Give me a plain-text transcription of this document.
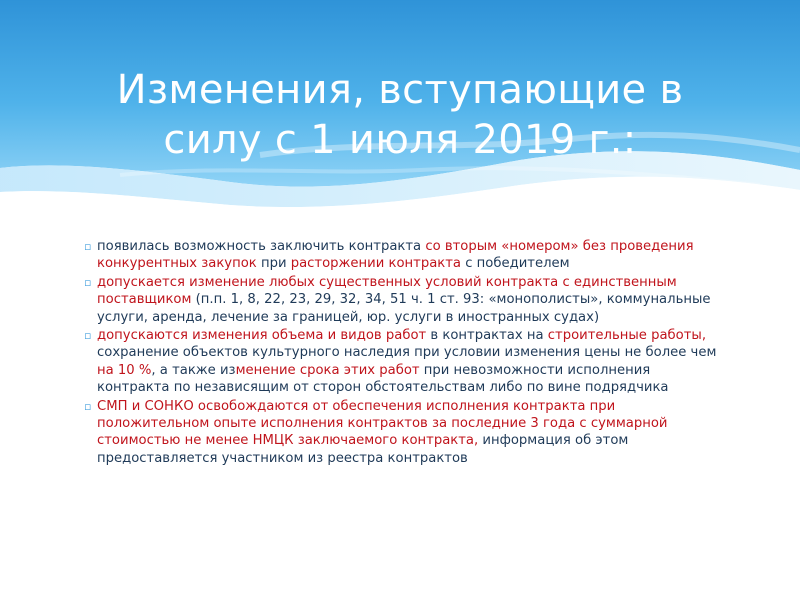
Изменения, вступающие в
силу с 1 июля 2019 г.:
▫ появилась возможность заключить контракта со вторым «номером» без проведения конкурентных закупок при расторжении контракта с победителем
▫ допускается изменение любых существенных условий контракта с единственным поставщиком (п.п. 1, 8, 22, 23, 29, 32, 34, 51 ч. 1 ст. 93: «монополисты», коммунальные услуги, аренда, лечение за границей, юр. услуги в иностранных судах)
▫ допускаются изменения объема и видов работ в контрактах на строительные работы, сохранение объектов культурного наследия при условии изменения цены не более чем на 10 %, а также изменение срока этих работ при невозможности исполнения контракта по независящим от сторон обстоятельствам либо по вине подрядчика
▫ СМП и СОНКО освобождаются от обеспечения исполнения контракта при положительном опыте исполнения контрактов за последние 3 года с суммарной стоимостью не менее НМЦК заключаемого контракта, информация об этом предоставляется участником из реестра контрактов
